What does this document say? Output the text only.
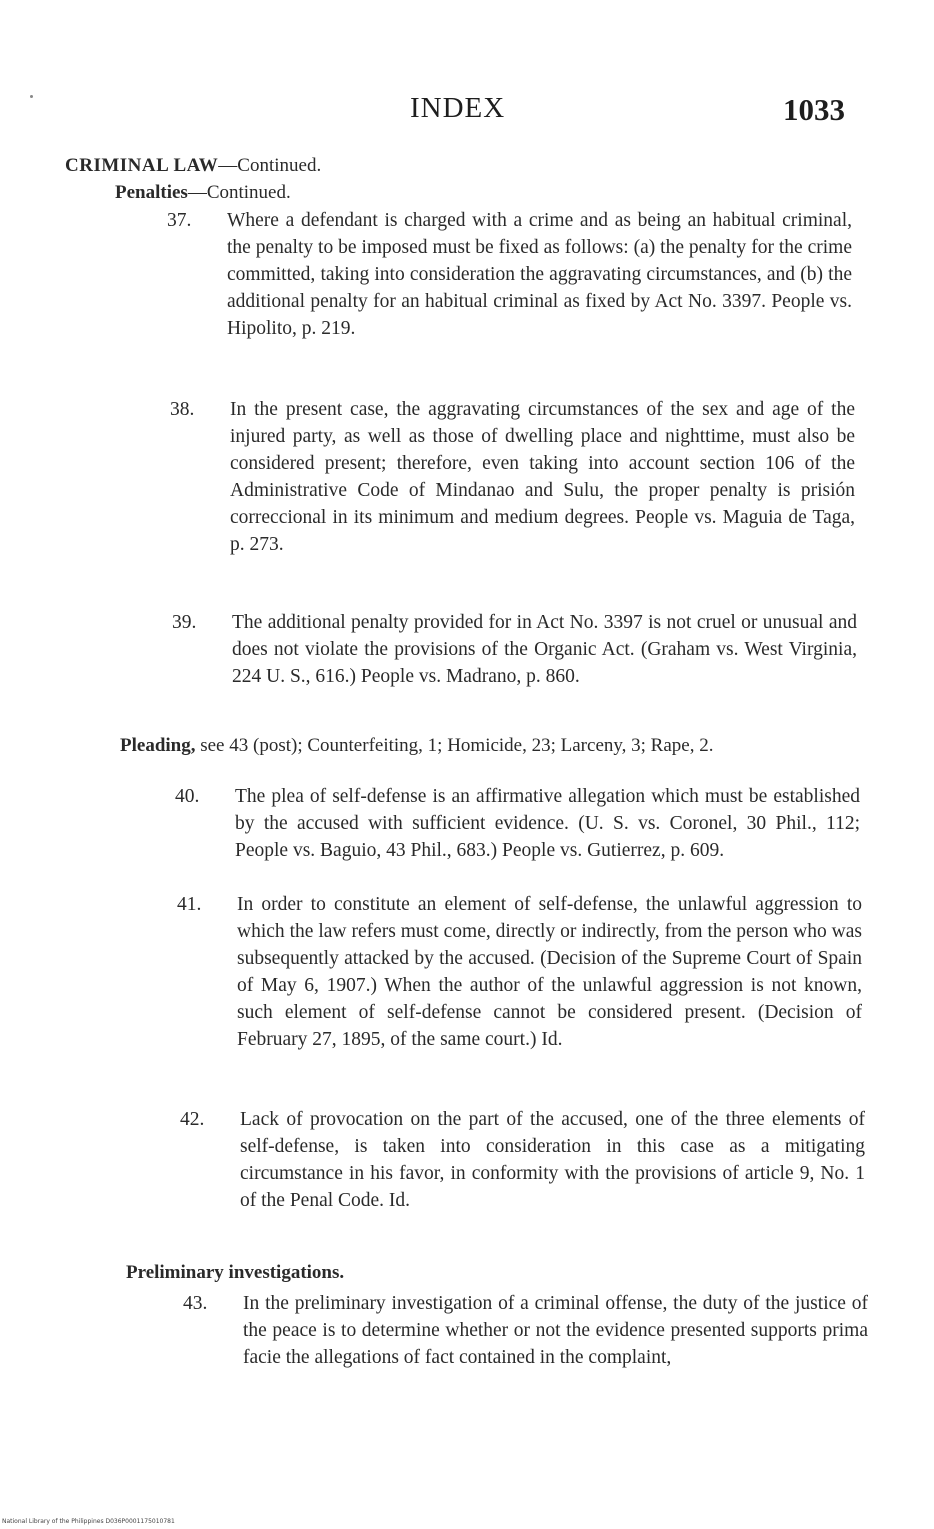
INDEX	1033
CRIMINAL LAW—Continued.
Penalties—Continued.
37. Where a defendant is charged with a crime and as being an habitual criminal, the penalty to be imposed must be fixed as follows: (a) the penalty for the crime committed, taking into consideration the aggravating circumstances, and (b) the additional penalty for an habitual criminal as fixed by Act No. 3397. People vs. Hipolito, p. 219.
38. In the present case, the aggravating circumstances of the sex and age of the injured party, as well as those of dwelling place and nighttime, must also be considered present; therefore, even taking into account section 106 of the Administrative Code of Mindanao and Sulu, the proper penalty is prisión correccional in its minimum and medium degrees. People vs. Maguia de Taga, p. 273.
39. The additional penalty provided for in Act No. 3397 is not cruel or unusual and does not violate the provisions of the Organic Act. (Graham vs. West Virginia, 224 U. S., 616.) People vs. Madrano, p. 860.
Pleading, see 43 (post); Counterfeiting, 1; Homicide, 23; Larceny, 3; Rape, 2.
40. The plea of self-defense is an affirmative allegation which must be established by the accused with sufficient evidence. (U. S. vs. Coronel, 30 Phil., 112; People vs. Baguio, 43 Phil., 683.) People vs. Gutierrez, p. 609.
41. In order to constitute an element of self-defense, the unlawful aggression to which the law refers must come, directly or indirectly, from the person who was subsequently attacked by the accused. (Decision of the Supreme Court of Spain of May 6, 1907.) When the author of the unlawful aggression is not known, such element of self-defense cannot be considered present. (Decision of February 27, 1895, of the same court.) Id.
42. Lack of provocation on the part of the accused, one of the three elements of self-defense, is taken into consideration in this case as a mitigating circumstance in his favor, in conformity with the provisions of article 9, No. 1 of the Penal Code. Id.
Preliminary investigations.
43. In the preliminary investigation of a criminal offense, the duty of the justice of the peace is to determine whether or not the evidence presented supports prima facie the allegations of fact contained in the complaint,
National Library of the Philippines D036P0001175010781
